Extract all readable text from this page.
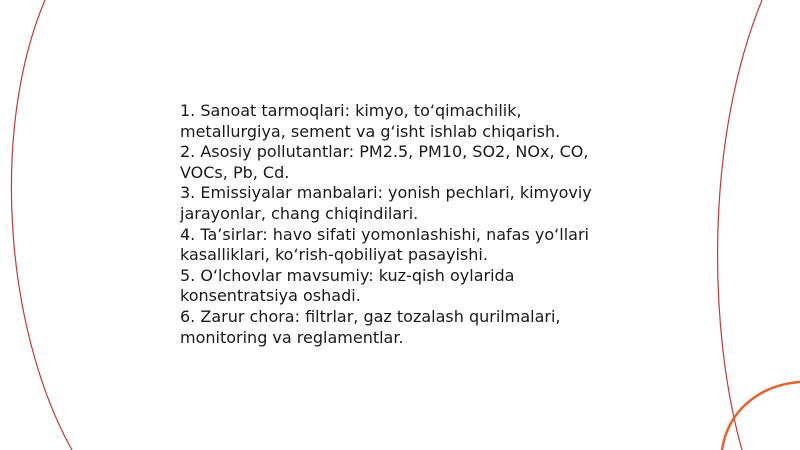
1. Sanoat tarmoqlari: kimyo, to‘qimachilik, metallurgiya, sement va g‘isht ishlab chiqarish.

2. Asosiy pollutantlar: PM2.5, PM10, SO2, NOx, CO, VOCs, Pb, Cd.

3. Emissiyalar manbalari: yonish pechlari, kimyoviy jarayonlar, chang chiqindilari.

4. Ta’sirlar: havo sifati yomonlashishi, nafas yo‘llari kasalliklari, ko‘rish-qobiliyat pasayishi.

5. O‘lchovlar mavsumiy: kuz-qish oylarida konsentratsiya oshadi.

6. Zarur chora: filtrlar, gaz tozalash qurilmalari, monitoring va reglamentlar.
